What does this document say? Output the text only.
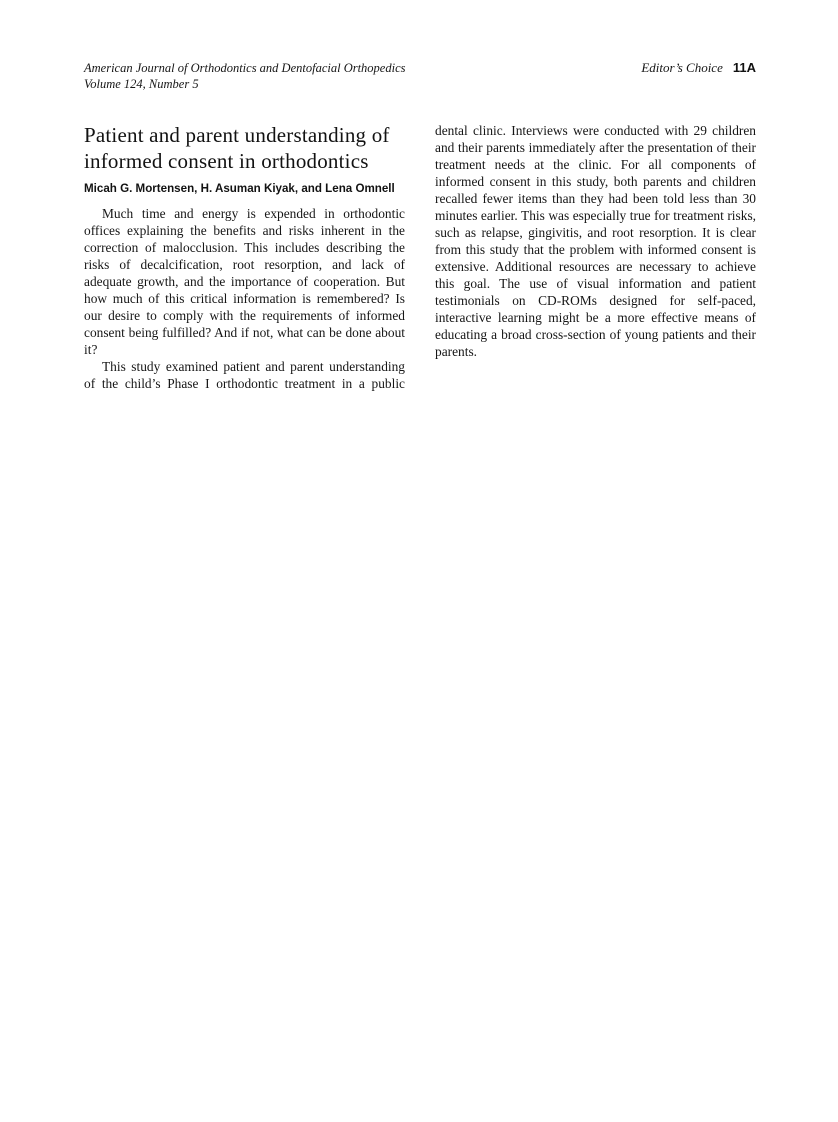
American Journal of Orthodontics and Dentofacial Orthopedics
Volume 124, Number 5
Editor’s Choice 11A
Patient and parent understanding of informed consent in orthodontics
Micah G. Mortensen, H. Asuman Kiyak, and Lena Omnell

Much time and energy is expended in orthodontic offices explaining the benefits and risks inherent in the correction of malocclusion. This includes describing the risks of decalcification, root resorption, and lack of adequate growth, and the importance of cooperation. But how much of this critical information is remembered? Is our desire to comply with the requirements of informed consent being fulfilled? And if not, what can be done about it?

This study examined patient and parent understanding of the child’s Phase I orthodontic treatment in a public dental clinic. Interviews were conducted with 29 children and their parents immediately after the presentation of their treatment needs at the clinic. For all components of informed consent in this study, both parents and children recalled fewer items than they had been told less than 30 minutes earlier. This was especially true for treatment risks, such as relapse, gingivitis, and root resorption. It is clear from this study that the problem with informed consent is extensive. Additional resources are necessary to achieve this goal. The use of visual information and patient testimonials on CD-ROMs designed for self-paced, interactive learning might be a more effective means of educating a broad cross-section of young patients and their parents.
